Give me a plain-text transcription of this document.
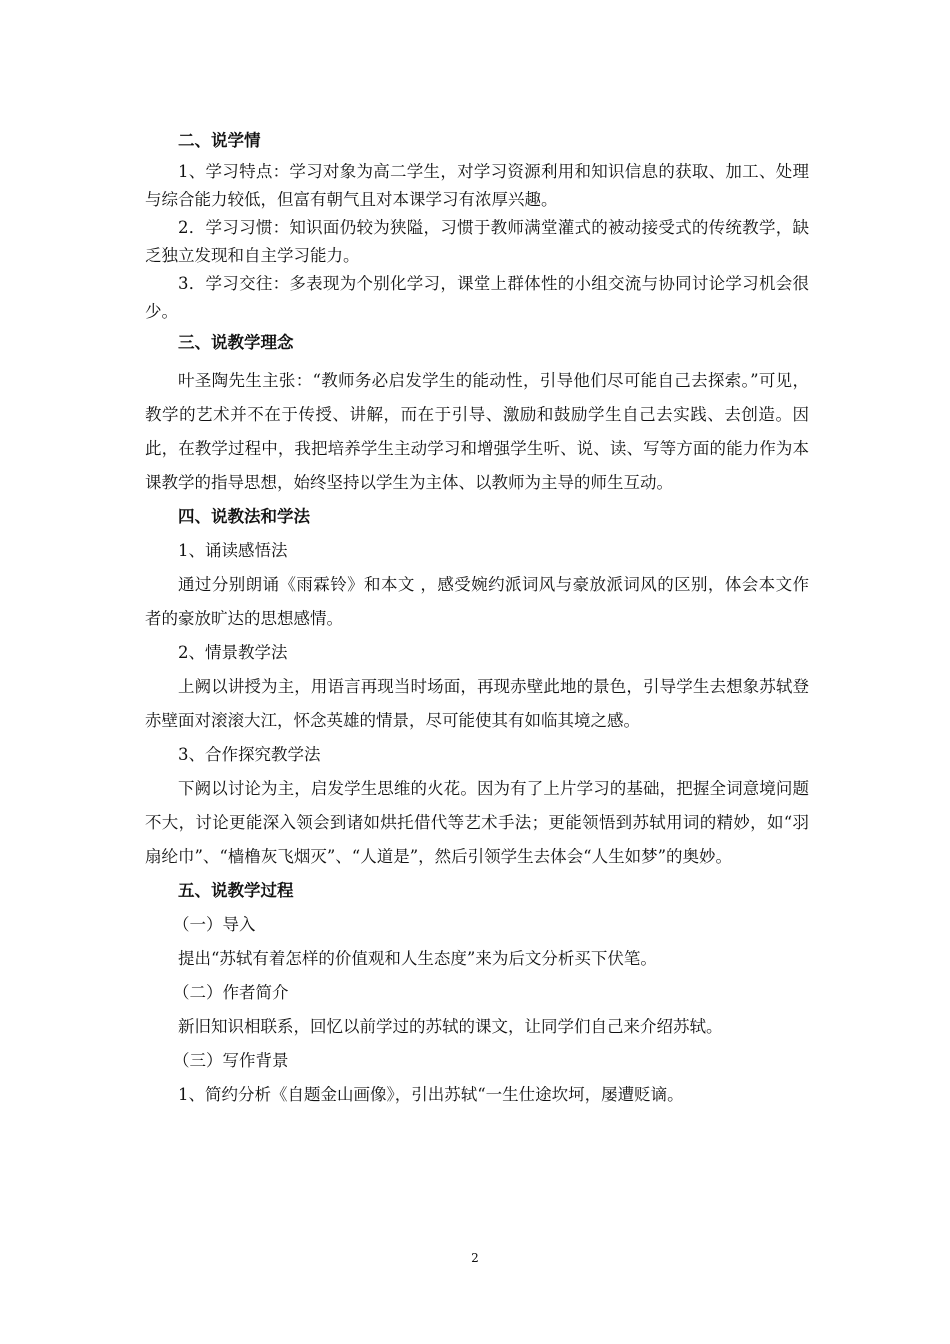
二、说学情

1、学习特点：学习对象为高二学生，对学习资源利用和知识信息的获取、加工、处理与综合能力较低，但富有朝气且对本课学习有浓厚兴趣。

2．学习习惯：知识面仍较为狭隘，习惯于教师满堂灌式的被动接受式的传统教学，缺乏独立发现和自主学习能力。

3．学习交往：多表现为个别化学习，课堂上群体性的小组交流与协同讨论学习机会很少。

三、说教学理念

叶圣陶先生主张：“教师务必启发学生的能动性，引导他们尽可能自己去探索。”可见，教学的艺术并不在于传授、讲解，而在于引导、激励和鼓励学生自己去实践、去创造。因此，在教学过程中，我把培养学生主动学习和增强学生听、说、读、写等方面的能力作为本课教学的指导思想，始终坚持以学生为主体、以教师为主导的师生互动。

四、说教法和学法
1、诵读感悟法

通过分别朗诵《雨霖铃》和本文 ，感受婉约派词风与豪放派词风的区别，体会本文作者的豪放旷达的思想感情。

2、情景教学法

上阙以讲授为主，用语言再现当时场面，再现赤壁此地的景色，引导学生去想象苏轼登赤壁面对滚滚大江，怀念英雄的情景，尽可能使其有如临其境之感。

3、合作探究教学法

下阙以讨论为主，启发学生思维的火花。因为有了上片学习的基础，把握全词意境问题不大，讨论更能深入领会到诸如烘托借代等艺术手法；更能领悟到苏轼用词的精妙，如“羽扇纶巾”、“樯橹灰飞烟灭”、“人道是”，然后引领学生去体会“人生如梦”的奥妙。

五、说教学过程
（一）导入

提出“苏轼有着怎样的价值观和人生态度”来为后文分析买下伏笔。

（二）作者简介

新旧知识相联系，回忆以前学过的苏轼的课文，让同学们自己来介绍苏轼。

（三）写作背景

1、简约分析《自题金山画像》，引出苏轼“一生仕途坎坷，屡遭贬谪。

2
